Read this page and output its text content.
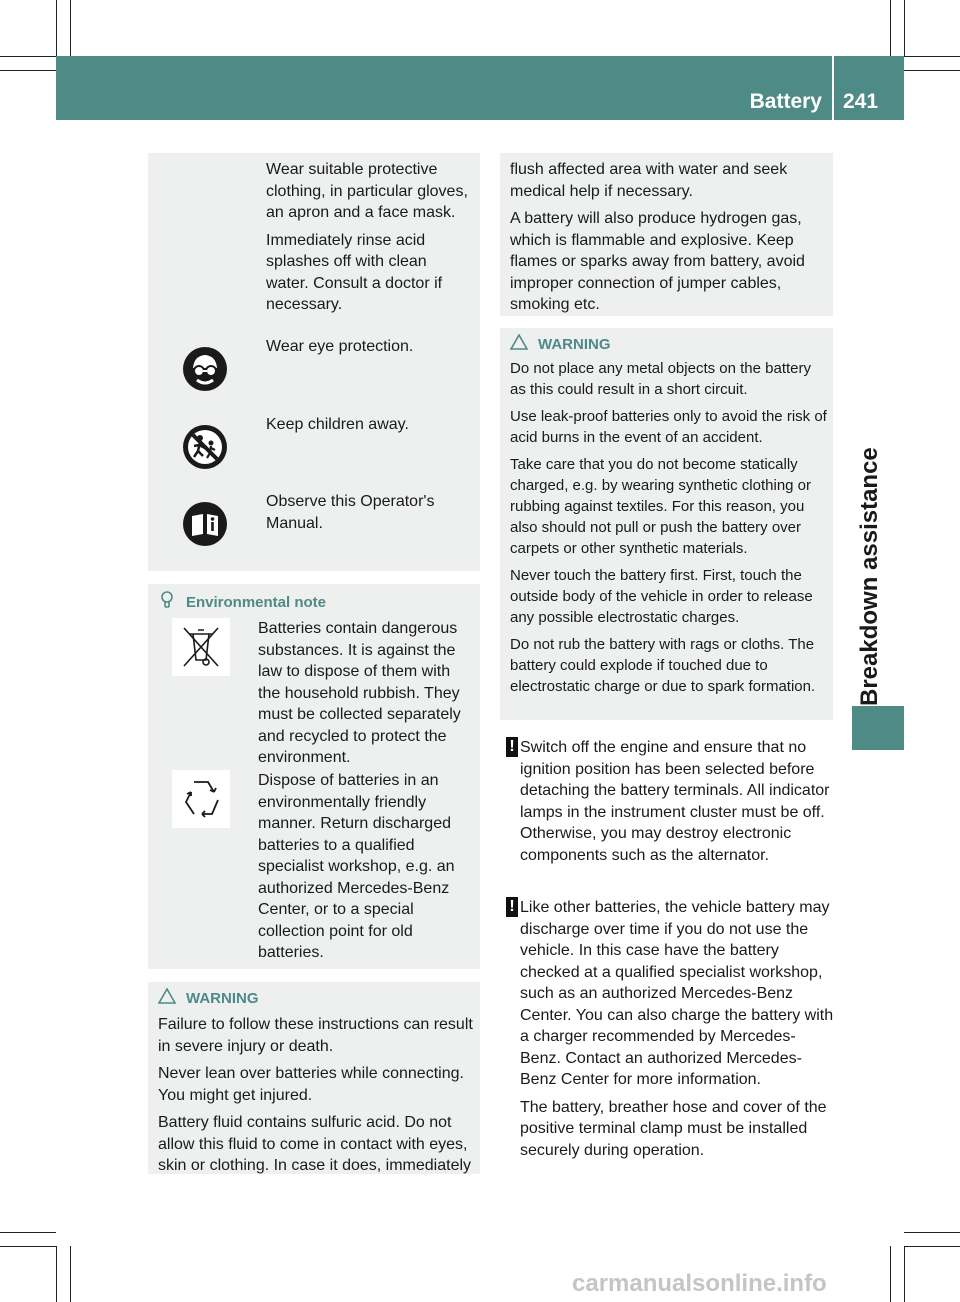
Battery 241
Breakdown assistance

Wear suitable protective clothing, in particular gloves, an apron and a face mask.

Immediately rinse acid splashes off with clean water. Consult a doctor if necessary.

Wear eye protection.
Keep children away.
Observe this Operator's Manual.
Environmental note
Batteries contain dangerous substances. It is against the law to dispose of them with the household rubbish. They must be collected separately and recycled to protect the environment.
Dispose of batteries in an environmentally friendly manner. Return discharged batteries to a qualified specialist workshop, e.g. an authorized Mercedes-Benz Center, or to a special collection point for old batteries.
WARNING

Failure to follow these instructions can result in severe injury or death.

Never lean over batteries while connecting. You might get injured.

Battery fluid contains sulfuric acid. Do not allow this fluid to come in contact with eyes, skin or clothing. In case it does, immediately

flush affected area with water and seek medical help if necessary.

A battery will also produce hydrogen gas, which is flammable and explosive. Keep flames or sparks away from battery, avoid improper connection of jumper cables, smoking etc.

WARNING

Do not place any metal objects on the battery as this could result in a short circuit.

Use leak-proof batteries only to avoid the risk of acid burns in the event of an accident.

Take care that you do not become statically charged, e.g. by wearing synthetic clothing or rubbing against textiles. For this reason, you also should not pull or push the battery over carpets or other synthetic materials.

Never touch the battery first. First, touch the outside body of the vehicle in order to release any possible electrostatic charges.

Do not rub the battery with rags or cloths. The battery could explode if touched due to electrostatic charge or due to spark formation.

! Switch off the engine and ensure that no ignition position has been selected before detaching the battery terminals. All indicator lamps in the instrument cluster must be off. Otherwise, you may destroy electronic components such as the alternator.

! Like other batteries, the vehicle battery may discharge over time if you do not use the vehicle. In this case have the battery checked at a qualified specialist workshop, such as an authorized Mercedes-Benz Center. You can also charge the battery with a charger recommended by Mercedes-Benz. Contact an authorized Mercedes-Benz Center for more information.

The battery, breather hose and cover of the positive terminal clamp must be installed securely during operation.

carmanualsonline.info
